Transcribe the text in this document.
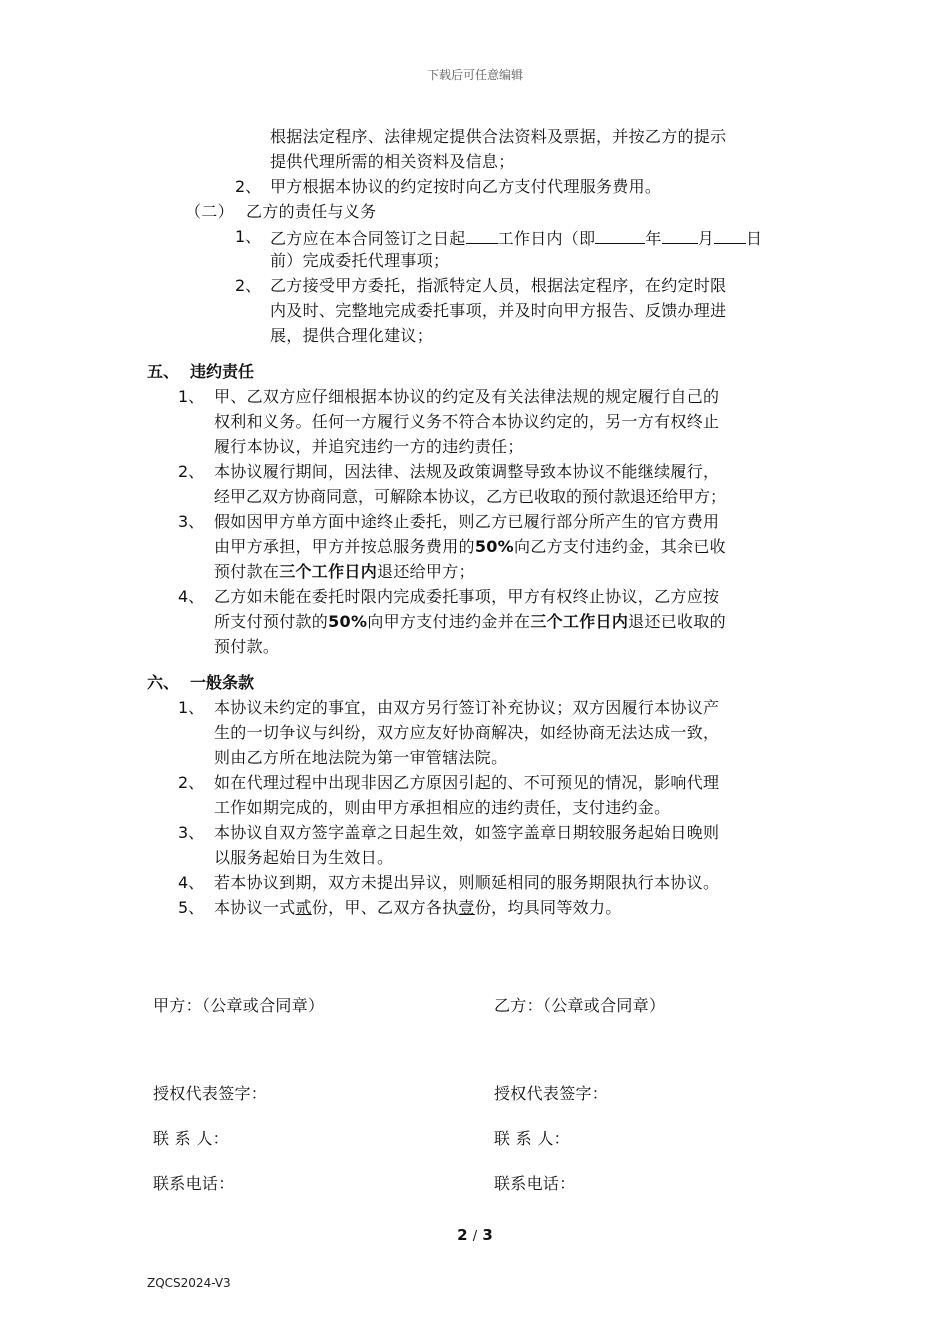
下载后可任意编辑
根据法定程序、法律规定提供合法资料及票据，并按乙方的提示
提供代理所需的相关资料及信息；
2、 甲方根据本协议的约定按时向乙方支付代理服务费用。
（二） 乙方的责任与义务
1、 乙方应在本合同签订之日起 工作日内（即	年 月 日
前）完成委托代理事项；
2、 乙方接受甲方委托，指派特定人员，根据法定程序，在约定时限
内及时、完整地完成委托事项，并及时向甲方报告、反馈办理进
展，提供合理化建议；
五、 违约责任
1、 甲、乙双方应仔细根据本协议的约定及有关法律法规的规定履行自己的
权利和义务。任何一方履行义务不符合本协议约定的，另一方有权终止
履行本协议，并追究违约一方的违约责任；
2、 本协议履行期间，因法律、法规及政策调整导致本协议不能继续履行，
经甲乙双方协商同意，可解除本协议，乙方已收取的预付款退还给甲方；
3、 假如因甲方单方面中途终止委托，则乙方已履行部分所产生的官方费用
由甲方承担，甲方并按总服务费用的50%向乙方支付违约金，其余已收
预付款在三个工作日内退还给甲方；
4、 乙方如未能在委托时限内完成委托事项，甲方有权终止协议，乙方应按
所支付预付款的50%向甲方支付违约金并在三个工作日内退还已收取的
预付款。
六、 一般条款
1、 本协议未约定的事宜，由双方另行签订补充协议；双方因履行本协议产
生的一切争议与纠纷，双方应友好协商解决，如经协商无法达成一致，
则由乙方所在地法院为第一审管辖法院。
2、 如在代理过程中出现非因乙方原因引起的、不可预见的情况，影响代理
工作如期完成的，则由甲方承担相应的违约责任，支付违约金。
3、 本协议自双方签字盖章之日起生效，如签字盖章日期较服务起始日晚则
以服务起始日为生效日。
4、 若本协议到期，双方未提出异议，则顺延相同的服务期限执行本协议。
5、 本协议一式贰份，甲、乙双方各执壹份，均具同等效力。
甲方：（公章或合同章）	乙方：（公章或合同章）
授权代表签字：	授权代表签字：
联 系 人：	联 系 人：
联系电话：	联系电话：
2 / 3
ZQCS2024-V3
